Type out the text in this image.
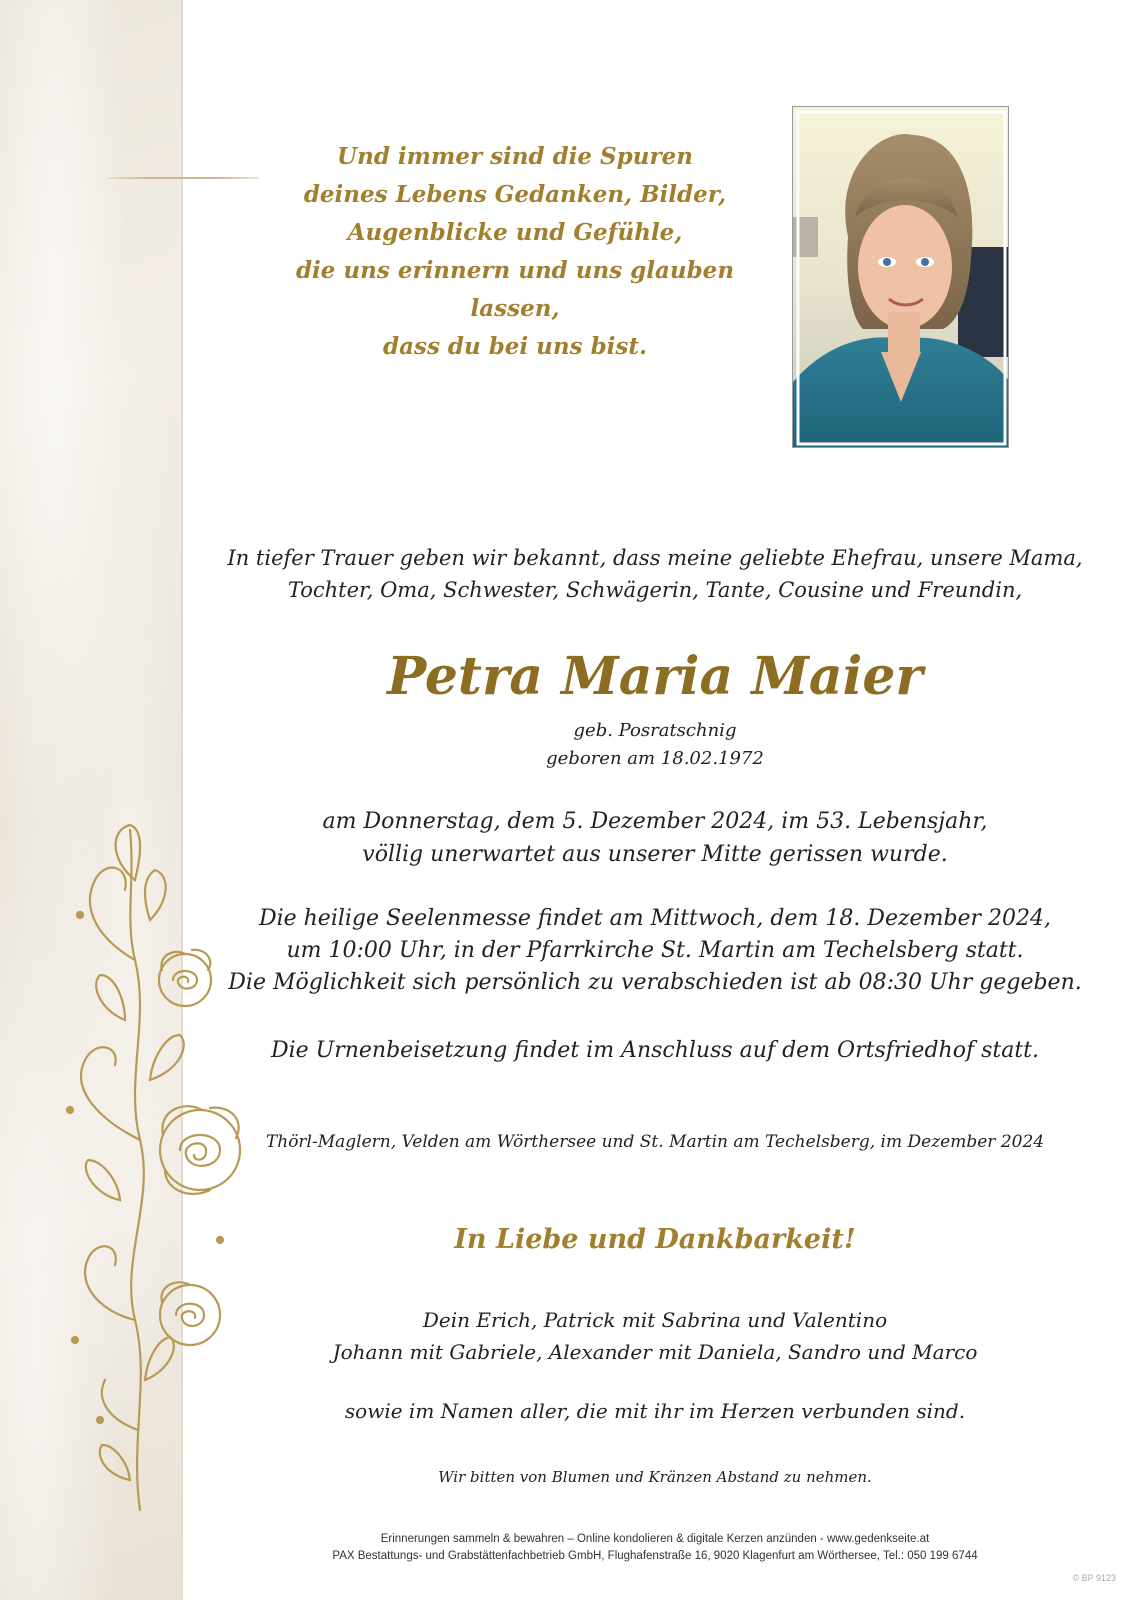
Und immer sind die Spuren
deines Lebens Gedanken, Bilder,
Augenblicke und Gefühle,
die uns erinnern und uns glauben lassen,
dass du bei uns bist.
In tiefer Trauer geben wir bekannt, dass meine geliebte Ehefrau, unsere Mama,
Tochter, Oma, Schwester, Schwägerin, Tante, Cousine und Freundin,
Petra Maria Maier
geb. Posratschnig
geboren am 18.02.1972
am Donnerstag, dem 5. Dezember 2024, im 53. Lebensjahr,
völlig unerwartet aus unserer Mitte gerissen wurde.
Die heilige Seelenmesse findet am Mittwoch, dem 18. Dezember 2024,
um 10:00 Uhr, in der Pfarrkirche St. Martin am Techelsberg statt.
Die Möglichkeit sich persönlich zu verabschieden ist ab 08:30 Uhr gegeben.
Die Urnenbeisetzung findet im Anschluss auf dem Ortsfriedhof statt.
Thörl-Maglern, Velden am Wörthersee und St. Martin am Techelsberg, im Dezember 2024
In Liebe und Dankbarkeit!
Dein Erich, Patrick mit Sabrina und Valentino
Johann mit Gabriele, Alexander mit Daniela, Sandro und Marco
sowie im Namen aller, die mit ihr im Herzen verbunden sind.
Wir bitten von Blumen und Kränzen Abstand zu nehmen.
Erinnerungen sammeln & bewahren – Online kondolieren & digitale Kerzen anzünden - www.gedenkseite.at
PAX Bestattungs- und Grabstättenfachbetrieb GmbH, Flughafenstraße 16, 9020 Klagenfurt am Wörthersee, Tel.: 050 199 6744
© BP 9123
